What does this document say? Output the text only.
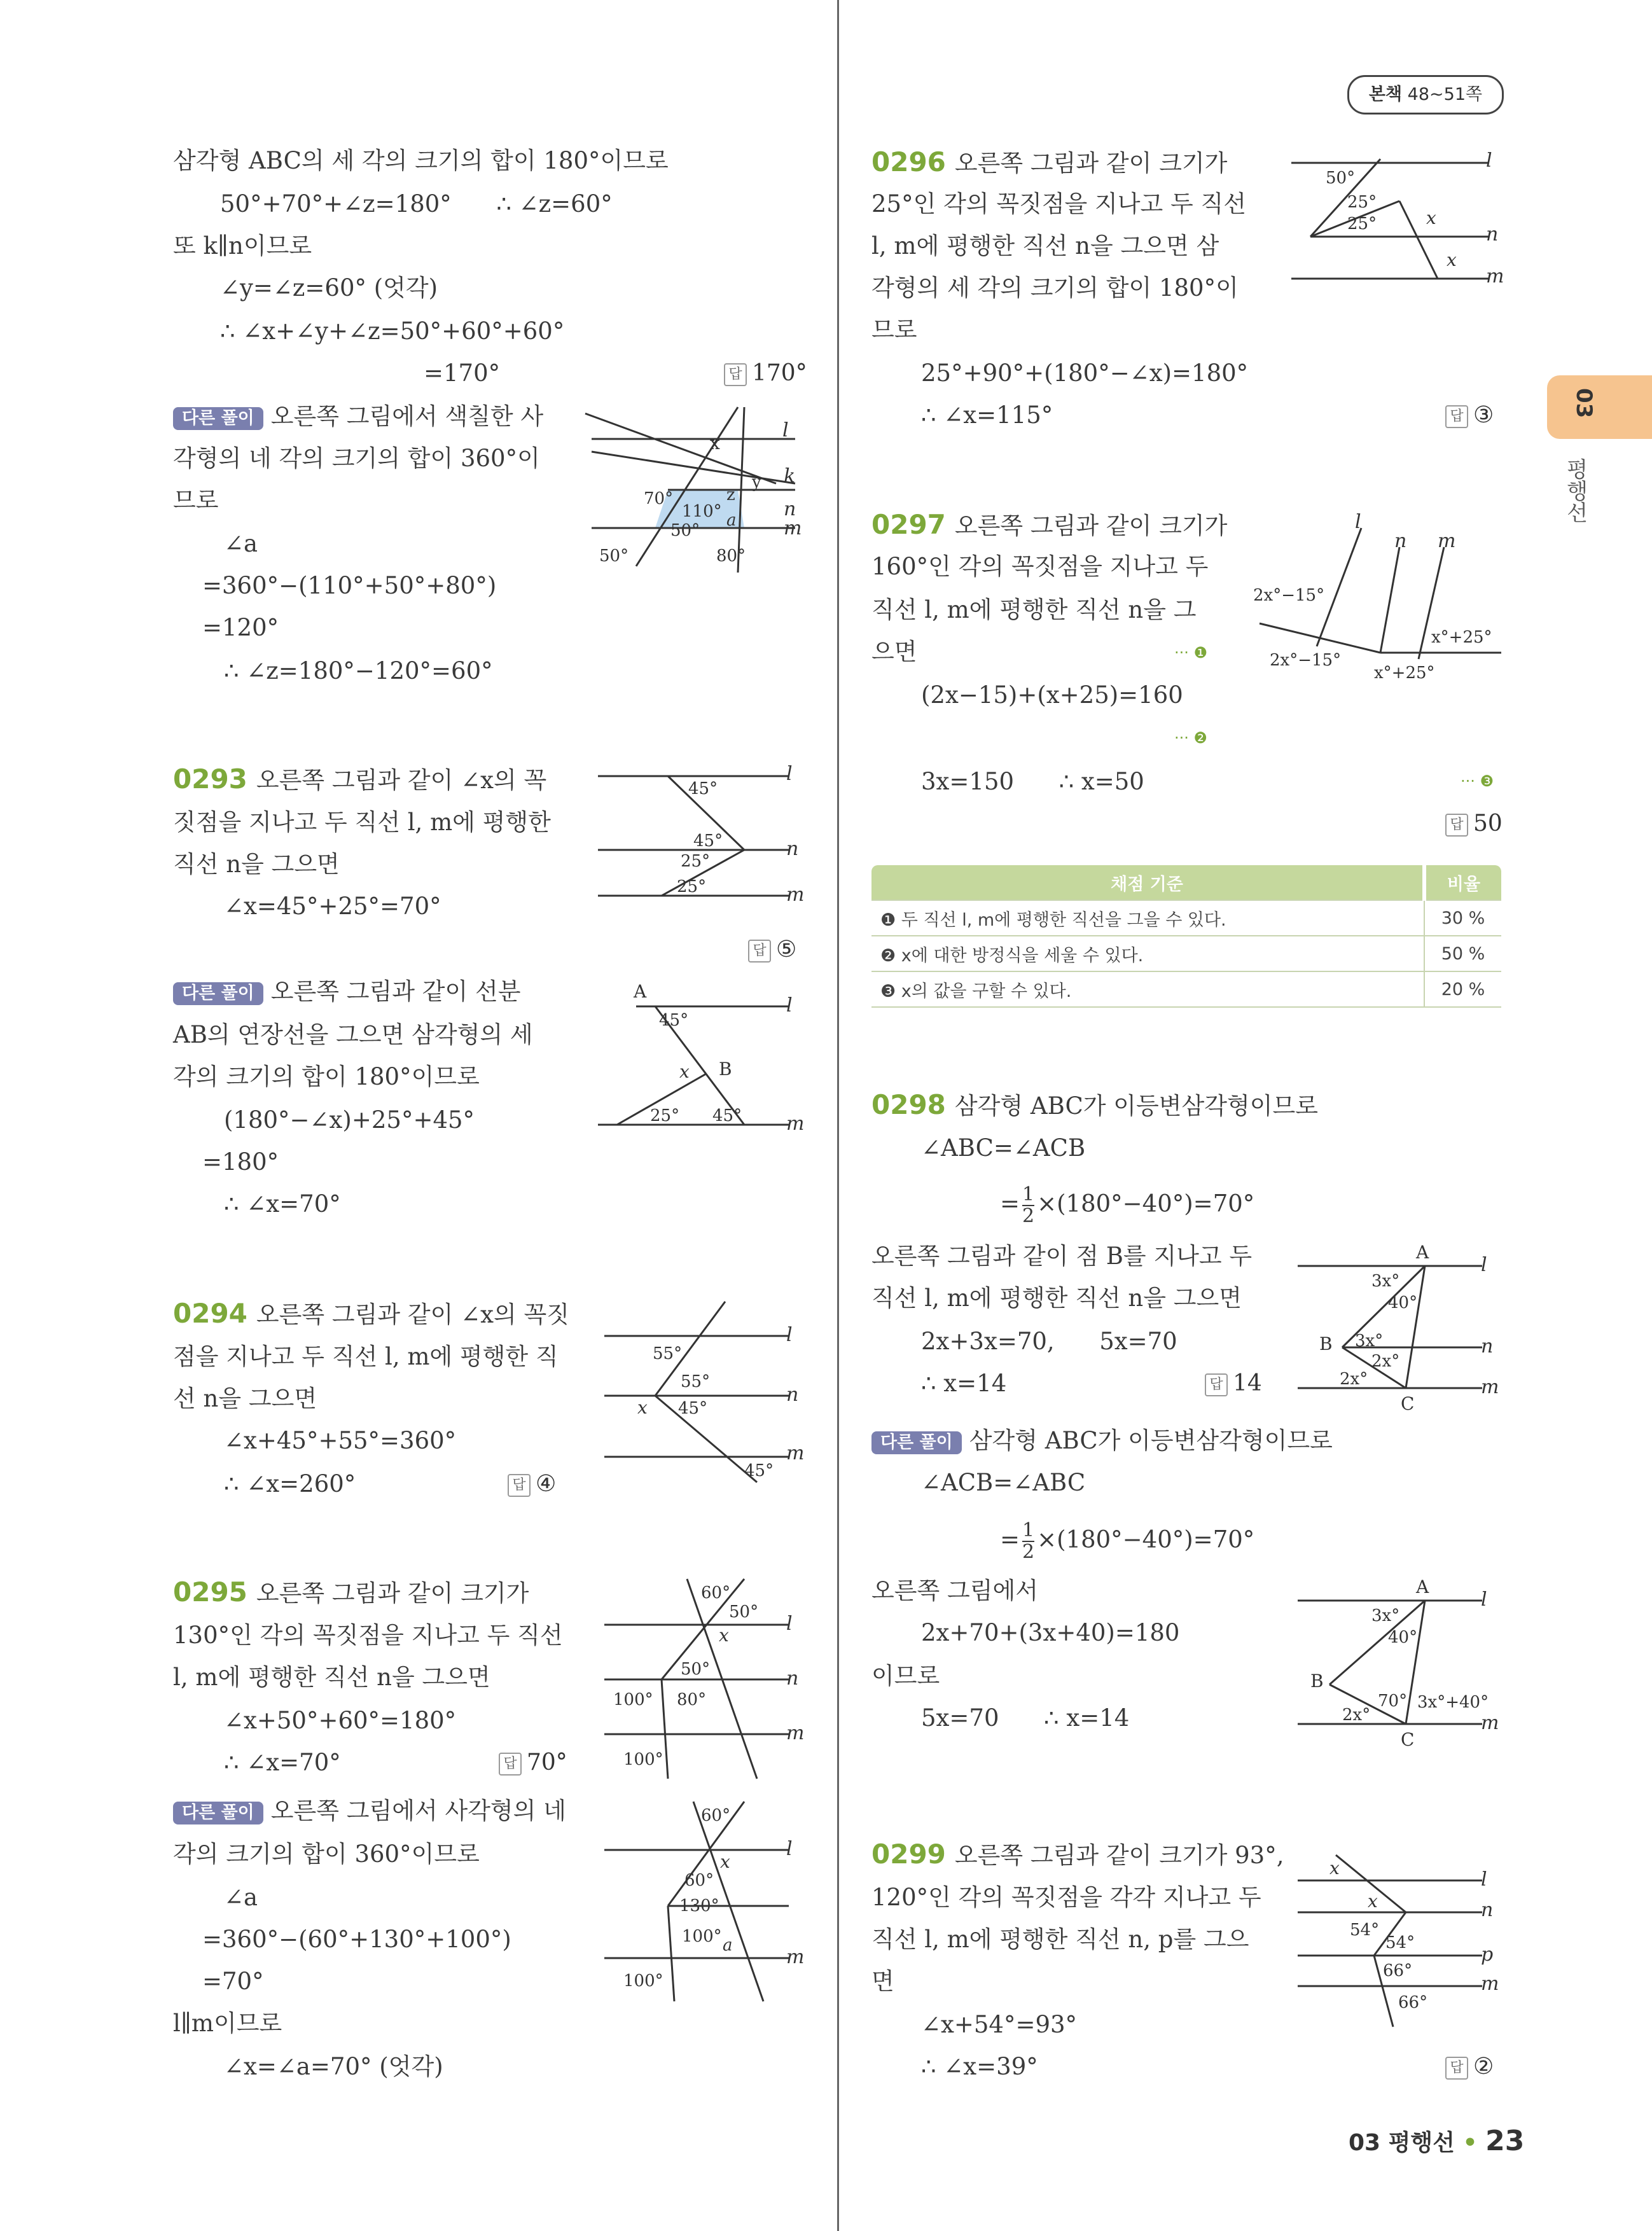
본책 48~51쪽
03
평행선
삼각형 ABC의 세 각의 크기의 합이 180°이므로
50°+70°+∠z=180°      ∴ ∠z=60°
또 k∥n이므로
∠y=∠z=60° (엇각)
∴ ∠x+∠y+∠z=50°+60°+60°
=170°	답 170°
다른 풀이 오른쪽 그림에서 색칠한 사
각형의 네 각의 크기의 합이 360°이
므로
∠a
=360°−(110°+50°+80°)
=120°
∴ ∠z=180°−120°=60°
x
l
y k
z
70°
110°	n
50°
a m
50°	80°
0293 오른쪽 그림과 같이 ∠x의 꼭
짓점을 지나고 두 직선 l, m에 평행한
직선 n을 그으면
∠x=45°+25°=70°
답 ⑤
45°
l
45°
25°
n
25°	m
다른 풀이 오른쪽 그림과 같이 선분
AB의 연장선을 그으면 삼각형의 세
각의 크기의 합이 180°이므로
(180°−∠x)+25°+45°
=180°
∴ ∠x=70°
A
45°
l
x B
25° 45° m
0294 오른쪽 그림과 같이 ∠x의 꼭짓
점을 지나고 두 직선 l, m에 평행한 직
선 n을 그으면
∠x+45°+55°=360°
∴ ∠x=260°	답 ④
55°
l
55°
x 45°
n
45°
m
0295 오른쪽 그림과 같이 크기가
130°인 각의 꼭짓점을 지나고 두 직선
l, m에 평행한 직선 n을 그으면
∠x+50°+60°=180°
∴ ∠x=70°	답 70°
60°
50°
x
l
50°	n
100° 80°
m
100°
다른 풀이 오른쪽 그림에서 사각형의 네
각의 크기의 합이 360°이므로
∠a
=360°−(60°+130°+100°)
=70°
l∥m이므로
∠x=∠a=70° (엇각)
60°
x
l
60°
130°
100° a
m
100°
0296 오른쪽 그림과 같이 크기가
25°인 각의 꼭짓점을 지나고 두 직선
l, m에 평행한 직선 n을 그으면 삼
각형의 세 각의 크기의 합이 180°이
므로
25°+90°+(180°−∠x)=180°
∴ ∠x=115°	답 ③
50°
l
25°
25°	x
n
x
m
0297 오른쪽 그림과 같이 크기가
160°인 각의 꼭짓점을 지나고 두
직선 l, m에 평행한 직선 n을 그
으면	··· ❶
(2x−15)+(x+25)=160
··· ❷
3x=150      ∴ x=50	··· ❸
답 50
l
n m
2x°−15°
x°+25°
2x°−15°
x°+25°
채점 기준	비율
❶ 두 직선 l, m에 평행한 직선을 그을 수 있다.	30 %
❷ x에 대한 방정식을 세울 수 있다.	50 %
❸ x의 값을 구할 수 있다.	20 %
0298 삼각형 ABC가 이등변삼각형이므로
∠ABC=∠ACB
= $\frac{1}{2} \times(180^\circ-40^\circ)=70^\circ$
오른쪽 그림과 같이 점 B를 지나고 두
직선 l, m에 평행한 직선 n을 그으면
2x+3x=70,      5x=70
∴ x=14	답 14
A
l
3x°
40°
B 3x°	n
2x°
2x°	m
C
다른 풀이 삼각형 ABC가 이등변삼각형이므로
∠ACB=∠ABC
= $\frac{1}{2} \times(180^\circ-40^\circ)=70^\circ$
오른쪽 그림에서
2x+70+(3x+40)=180
이므로
5x=70      ∴ x=14
A
l
3x°
40°
B
70° 3x°+40°
2x°	m
C
0299 오른쪽 그림과 같이 크기가 93°,
120°인 각의 꼭짓점을 각각 지나고 두
직선 l, m에 평행한 직선 n, p를 그으
면
∠x+54°=93°
∴ ∠x=39°	답 ②
x
l
x	n
54°
54°
p
66°
m
66°
03 평행선 • 23
